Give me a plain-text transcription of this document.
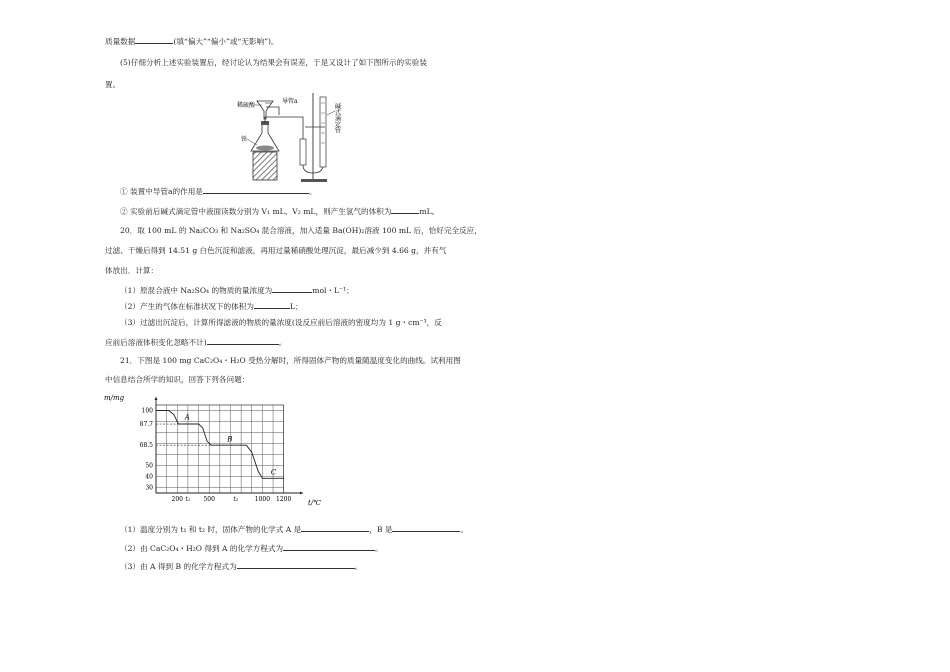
质量数据	(填“偏大”“偏小”或“无影响”)。
(5)仔细分析上述实验装置后，经讨论认为结果会有误差，于是又设计了如下图所示的实验装
置。
稀硫酸
导管a
铁
碱式滴定管
① 装置中导管a的作用是	。
② 实验前后碱式滴定管中液面读数分别为 V₁ mL、V₂ mL，则产生氢气的体积为	mL。
20．取 100 mL 的 Na₂CO₃ 和 Na₂SO₄ 混合溶液，加入适量 Ba(OH)₂溶液 100 mL 后，恰好完全反应，
过滤、干燥后得到 14.51 g 白色沉淀和滤液，再用过量稀硝酸处理沉淀，最后减少到 4.66 g，并有气
体放出．计算：
（1）原混合液中 Na₂SO₄ 的物质的量浓度为	mol・L⁻¹；
（2）产生的气体在标准状况下的体积为	L；
（3）过滤出沉淀后，计算所得滤液的物质的量浓度(设反应前后溶液的密度均为 1 g・cm⁻³，反
应前后溶液体积变化忽略不计)	。
21．下图是 100 mg CaC₂O₄・H₂O 受热分解时，所得固体产物的质量随温度变化的曲线。试利用图
中信息结合所学的知识，回答下列各问题：
30
40
50
68.5
87.7
100
200	500	1000 1200
t₁	t₂
A
B
C
m/mg
t/℃
（1）温度分别为 t₁ 和 t₂ 时，固体产物的化学式 A 是	，B 是	。
（2）由 CaC₂O₄・H₂O 得到 A 的化学方程式为	。
（3）由 A 得到 B 的化学方程式为	。
